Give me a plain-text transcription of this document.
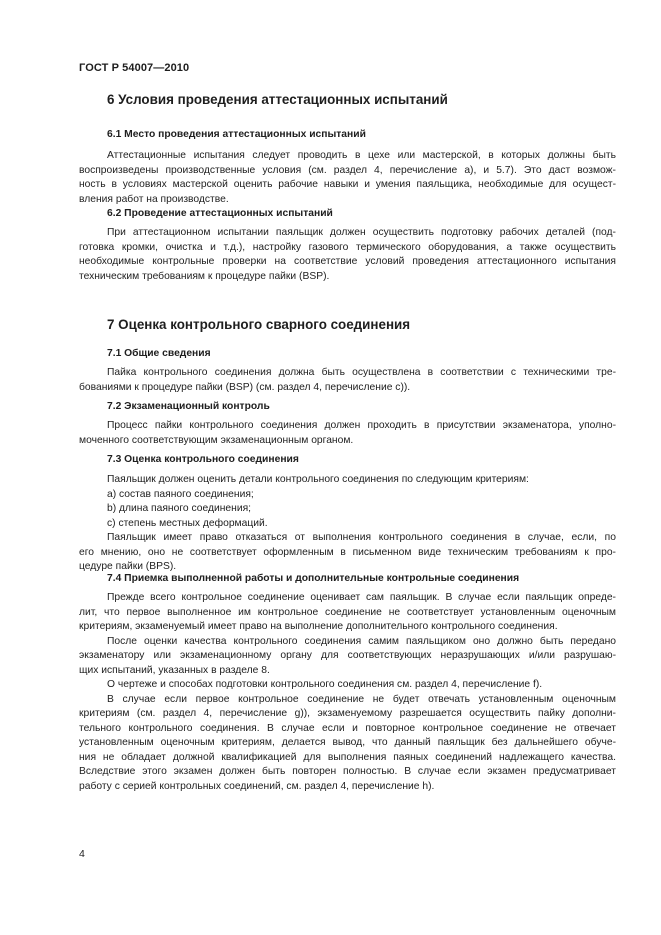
ГОСТ Р 54007—2010
6 Условия проведения аттестационных испытаний
6.1 Место проведения аттестационных испытаний
Аттестационные испытания следует проводить в цехе или мастерской, в которых должны быть
воспроизведены производственные условия (см. раздел 4, перечисление а), и 5.7). Это даст возмож-
ность в условиях мастерской оценить рабочие навыки и умения паяльщика, необходимые для осущест-
вления работ на производстве.
6.2 Проведение аттестационных испытаний
При аттестационном испытании паяльщик должен осуществить подготовку рабочих деталей (под-
готовка кромки, очистка и т.д.), настройку газового термического оборудования, а также осуществить
необходимые контрольные проверки на соответствие условий проведения аттестационного испытания
техническим требованиям к процедуре пайки (BSP).
7 Оценка контрольного сварного соединения
7.1 Общие сведения
Пайка контрольного соединения должна быть осуществлена в соответствии с техническими тре-
бованиями к процедуре пайки (BSP) (см. раздел 4, перечисление с)).
7.2 Экзаменационный контроль
Процесс пайки контрольного соединения должен проходить в присутствии экзаменатора, уполно-
моченного соответствующим экзаменационным органом.
7.3 Оценка контрольного соединения
Паяльщик должен оценить детали контрольного соединения по следующим критериям:
а) состав паяного соединения;
b) длина паяного соединения;
с) степень местных деформаций.
Паяльщик имеет право отказаться от выполнения контрольного соединения в случае, если, по
его мнению, оно не соответствует оформленным в письменном виде техническим требованиям к про-
цедуре пайки (BPS).
7.4 Приемка выполненной работы и дополнительные контрольные соединения
Прежде всего контрольное соединение оценивает сам паяльщик. В случае если паяльщик опреде-
лит, что первое выполненное им контрольное соединение не соответствует установленным оценочным
критериям, экзаменуемый имеет право на выполнение дополнительного контрольного соединения.
После оценки качества контрольного соединения самим паяльщиком оно должно быть передано
экзаменатору или экзаменационному органу для соответствующих неразрушающих и/или разрушаю-
щих испытаний, указанных в разделе 8.
О чертеже и способах подготовки контрольного соединения см. раздел 4, перечисление f).
В случае если первое контрольное соединение не будет отвечать установленным оценочным
критериям (см. раздел 4, перечисление g)), экзаменуемому разрешается осуществить пайку дополни-
тельного контрольного соединения. В случае если и повторное контрольное соединение не отвечает
установленным оценочным критериям, делается вывод, что данный паяльщик без дальнейшего обуче-
ния не обладает должной квалификацией для выполнения паяных соединений надлежащего качества.
Вследствие этого экзамен должен быть повторен полностью. В случае если экзамен предусматривает
работу с серией контрольных соединений, см. раздел 4, перечисление h).
4
